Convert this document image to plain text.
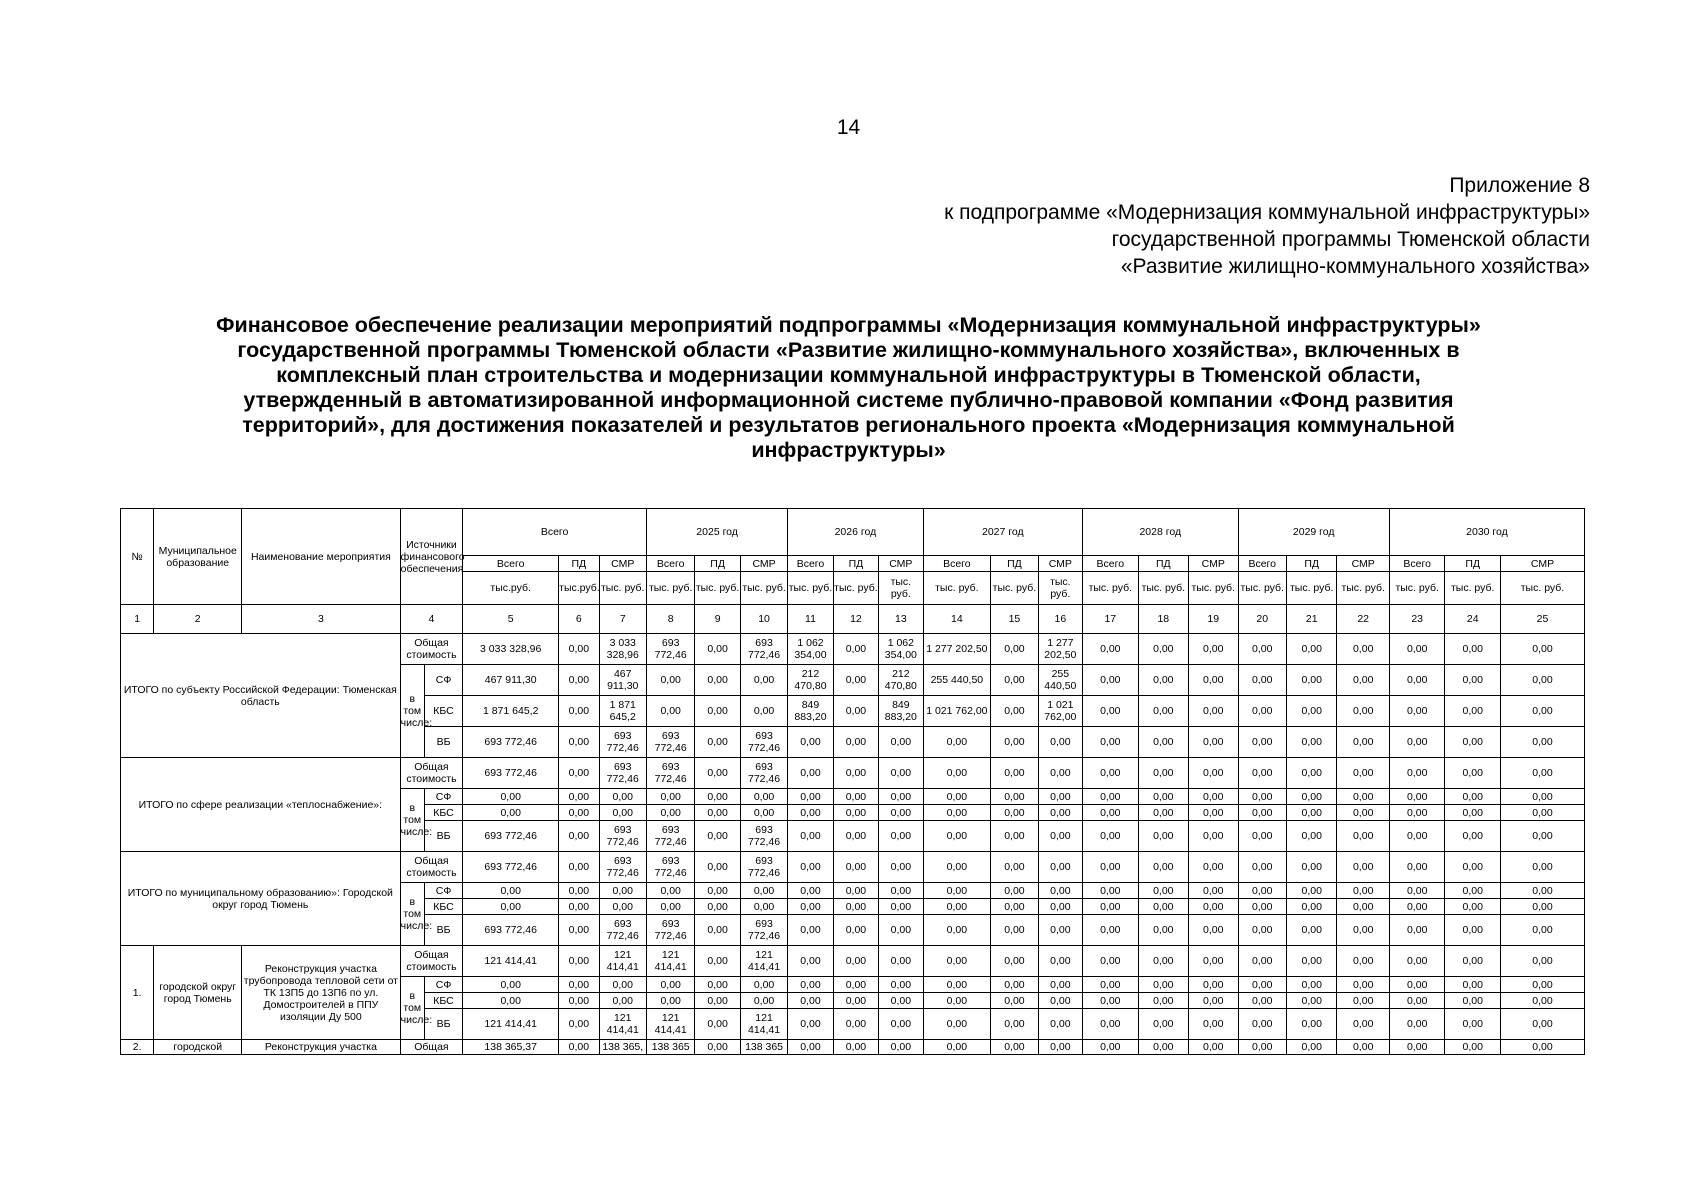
14
Приложение 8
к подпрограмме «Модернизация коммунальной инфраструктуры»
государственной программы Тюменской области
«Развитие жилищно-коммунального хозяйства»
Финансовое обеспечение реализации мероприятий подпрограммы «Модернизация коммунальной инфраструктуры»
государственной программы Тюменской области «Развитие жилищно-коммунального хозяйства», включенных в
комплексный план строительства и модернизации коммунальной инфраструктуры в Тюменской области,
утвержденный в автоматизированной информационной системе публично-правовой компании «Фонд развития
территорий», для достижения показателей и результатов регионального проекта «Модернизация коммунальной
инфраструктуры»
№	Муниципальное образование	Наименование мероприятия	Источники финансового обеспечения		Всего			2025 год			2026 год			2027 год			2028 год			2029 год			2030 год		
					Всего	ПД	СМР	Всего	ПД	СМР	Всего	ПД	СМР	Всего	ПД	СМР	Всего	ПД	СМР	Всего	ПД	СМР	Всего	ПД	СМР
					тыс.руб.	тыс.руб.	тыс. руб.	тыс. руб.	тыс. руб.	тыс. руб.	тыс. руб.	тыс. руб.	тыс. руб.	тыс. руб.	тыс. руб.	тыс. руб.	тыс. руб.	тыс. руб.	тыс. руб.	тыс. руб.	тыс. руб.	тыс. руб.	тыс. руб.	тыс. руб.	тыс. руб.
1	2	3	4		5	6	7	8	9	10	11	12	13	14	15	16	17	18	19	20	21	22	23	24	25
ИТОГО по субъекту Российской Федерации: Тюменская область			Общая стоимость		3 033 328,96	0,00	3 033 328,96	693 772,46	0,00	693 772,46	1 062 354,00	0,00	1 062 354,00	1 277 202,50	0,00	1 277 202,50	0,00	0,00	0,00	0,00	0,00	0,00	0,00	0,00	0,00
			в том числе:	СФ	467 911,30	0,00	467 911,30	0,00	0,00	0,00	212 470,80	0,00	212 470,80	255 440,50	0,00	255 440,50	0,00	0,00	0,00	0,00	0,00	0,00	0,00	0,00	0,00
				КБС	1 871 645,2	0,00	1 871 645,2	0,00	0,00	0,00	849 883,20	0,00	849 883,20	1 021 762,00	0,00	1 021 762,00	0,00	0,00	0,00	0,00	0,00	0,00	0,00	0,00	0,00
				ВБ	693 772,46	0,00	693 772,46	693 772,46	0,00	693 772,46	0,00	0,00	0,00	0,00	0,00	0,00	0,00	0,00	0,00	0,00	0,00	0,00	0,00	0,00	0,00
ИТОГО по сфере реализации «теплоснабжение»:			Общая стоимость		693 772,46	0,00	693 772,46	693 772,46	0,00	693 772,46	0,00	0,00	0,00	0,00	0,00	0,00	0,00	0,00	0,00	0,00	0,00	0,00	0,00	0,00	0,00
			в том числе:	СФ	0,00	0,00	0,00	0,00	0,00	0,00	0,00	0,00	0,00	0,00	0,00	0,00	0,00	0,00	0,00	0,00	0,00	0,00	0,00	0,00	0,00
				КБС	0,00	0,00	0,00	0,00	0,00	0,00	0,00	0,00	0,00	0,00	0,00	0,00	0,00	0,00	0,00	0,00	0,00	0,00	0,00	0,00	0,00
				ВБ	693 772,46	0,00	693 772,46	693 772,46	0,00	693 772,46	0,00	0,00	0,00	0,00	0,00	0,00	0,00	0,00	0,00	0,00	0,00	0,00	0,00	0,00	0,00
ИТОГО по муниципальному образованию»: Городской округ город Тюмень			Общая стоимость		693 772,46	0,00	693 772,46	693 772,46	0,00	693 772,46	0,00	0,00	0,00	0,00	0,00	0,00	0,00	0,00	0,00	0,00	0,00	0,00	0,00	0,00	0,00
			в том числе:	СФ	0,00	0,00	0,00	0,00	0,00	0,00	0,00	0,00	0,00	0,00	0,00	0,00	0,00	0,00	0,00	0,00	0,00	0,00	0,00	0,00	0,00
				КБС	0,00	0,00	0,00	0,00	0,00	0,00	0,00	0,00	0,00	0,00	0,00	0,00	0,00	0,00	0,00	0,00	0,00	0,00	0,00	0,00	0,00
				ВБ	693 772,46	0,00	693 772,46	693 772,46	0,00	693 772,46	0,00	0,00	0,00	0,00	0,00	0,00	0,00	0,00	0,00	0,00	0,00	0,00	0,00	0,00	0,00
1.	городской округ город Тюмень	Реконструкция участка трубопровода тепловой сети от ТК 13П5 до 13П6 по ул. Домостроителей в ППУ изоляции Ду 500	Общая стоимость		121 414,41	0,00	121 414,41	121 414,41	0,00	121 414,41	0,00	0,00	0,00	0,00	0,00	0,00	0,00	0,00	0,00	0,00	0,00	0,00	0,00	0,00	0,00
			в том числе:	СФ	0,00	0,00	0,00	0,00	0,00	0,00	0,00	0,00	0,00	0,00	0,00	0,00	0,00	0,00	0,00	0,00	0,00	0,00	0,00	0,00	0,00
				КБС	0,00	0,00	0,00	0,00	0,00	0,00	0,00	0,00	0,00	0,00	0,00	0,00	0,00	0,00	0,00	0,00	0,00	0,00	0,00	0,00	0,00
				ВБ	121 414,41	0,00	121 414,41	121 414,41	0,00	121 414,41	0,00	0,00	0,00	0,00	0,00	0,00	0,00	0,00	0,00	0,00	0,00	0,00	0,00	0,00	0,00
2.	городской	Реконструкция участка	Общая		138 365,37	0,00	138 365,	138 365	0,00	138 365	0,00	0,00	0,00	0,00	0,00	0,00	0,00	0,00	0,00	0,00	0,00	0,00	0,00	0,00	0,00
